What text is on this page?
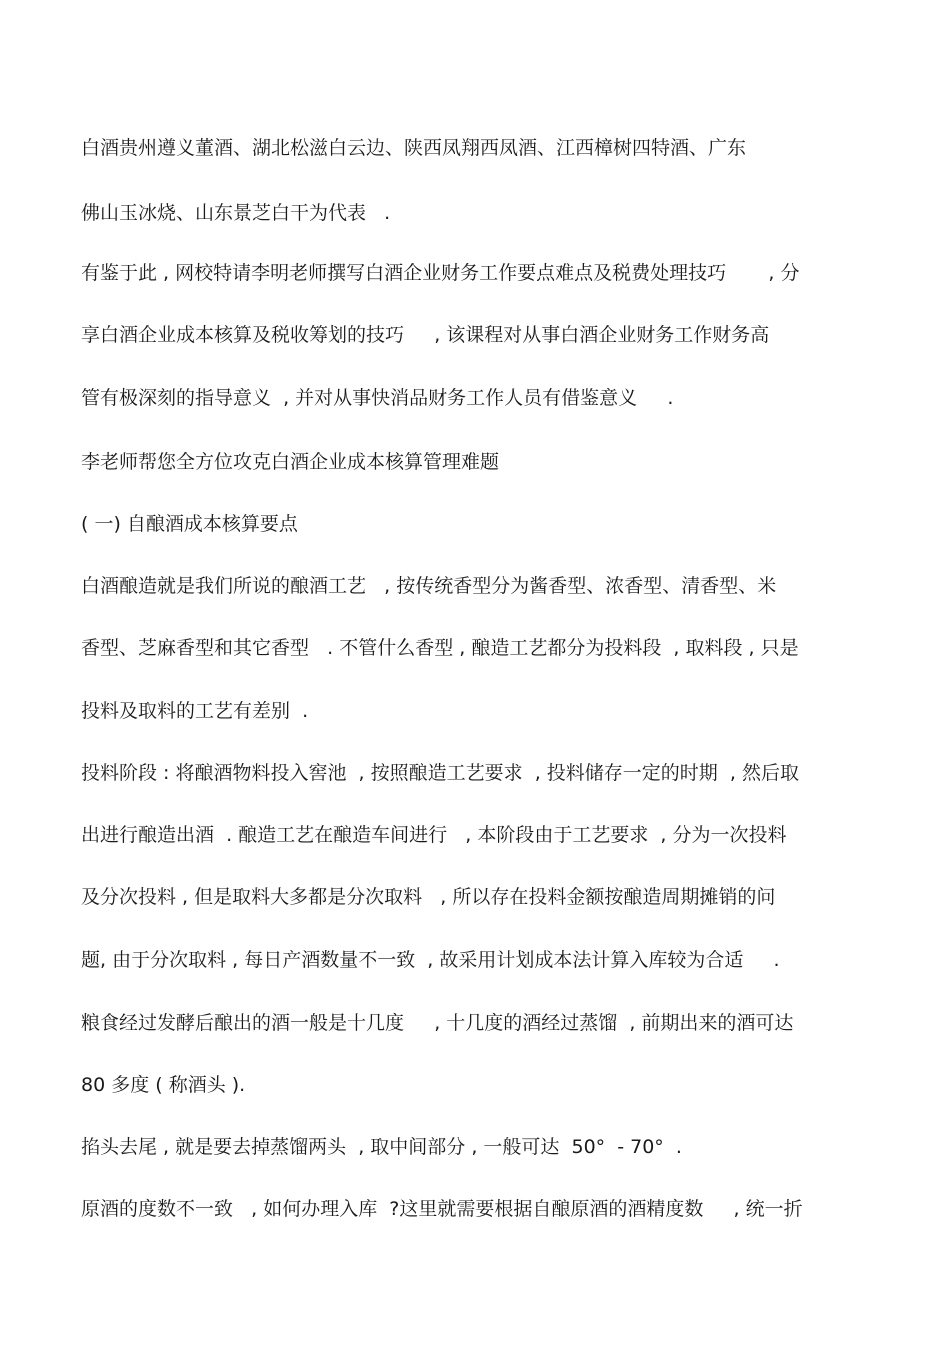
白酒贵州遵义董酒、湖北松滋白云边、陕西凤翔西凤酒、江西樟树四特酒、广东
佛山玉冰烧、山东景芝白干为代表   .
有鉴于此 , 网校特请李明老师撰写白酒企业财务工作要点难点及税费处理技巧       , 分
享白酒企业成本核算及税收筹划的技巧     , 该课程对从事白酒企业财务工作财务高
管有极深刻的指导意义  , 并对从事快消品财务工作人员有借鉴意义     .
李老师帮您全方位攻克白酒企业成本核算管理难题
( 一) 自酿酒成本核算要点
白酒酿造就是我们所说的酿酒工艺   , 按传统香型分为酱香型、浓香型、清香型、米
香型、芝麻香型和其它香型   . 不管什么香型 , 酿造工艺都分为投料段  , 取料段 , 只是
投料及取料的工艺有差别  .
投料阶段 : 将酿酒物料投入窖池  , 按照酿造工艺要求  , 投料储存一定的时期  , 然后取
出进行酿造出酒  . 酿造工艺在酿造车间进行   , 本阶段由于工艺要求  , 分为一次投料
及分次投料 , 但是取料大多都是分次取料   , 所以存在投料金额按酿造周期摊销的问
题, 由于分次取料 , 每日产酒数量不一致  , 故采用计划成本法计算入库较为合适     .
粮食经过发酵后酿出的酒一般是十几度     , 十几度的酒经过蒸馏  , 前期出来的酒可达
80 多度 ( 称酒头 ).
掐头去尾 , 就是要去掉蒸馏两头  , 取中间部分 , 一般可达  50°  - 70°  .
原酒的度数不一致   , 如何办理入库  ?这里就需要根据自酿原酒的酒精度数     , 统一折
